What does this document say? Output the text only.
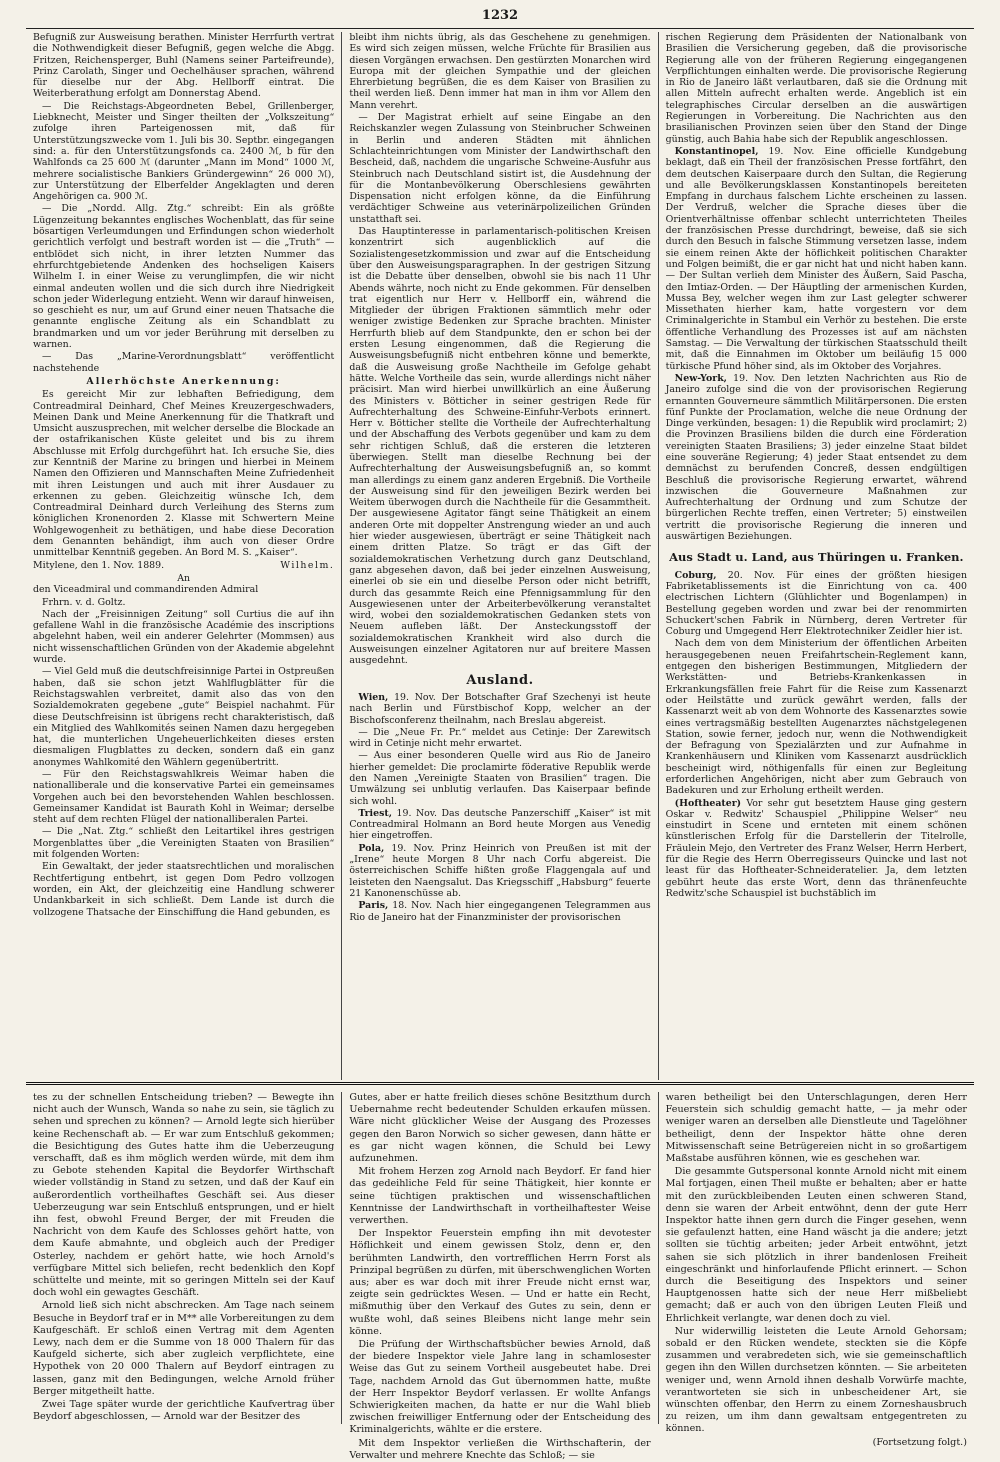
1232

Befugniß zur Ausweisung berathen. Minister Herrfurth vertrat die Nothwendigkeit dieser Befugniß, gegen welche die Abgg. Fritzen, Reichensperger, Buhl (Namens seiner Parteifreunde), Prinz Carolath, Singer und Oechelhäuser sprachen, während für dieselbe nur der Abg. Hellborff eintrat. Die Weiterberathung erfolgt am Donnerstag Abend.

— Die Reichstags-Abgeordneten Bebel, Grillenberger, Liebknecht, Meister und Singer theilten der „Volkszeitung“ zufolge ihren Parteigenossen mit, daß für Unterstützungszwecke vom 1. Juli bis 30. Septbr. eingegangen sind: a. für den Unterstützungsfonds ca. 2400 ℳ, b für den Wahlfonds ca 25 600 ℳ (darunter „Mann im Mond“ 1000 ℳ, mehrere socialistische Bankiers Gründergewinn“ 26 000 ℳ), zur Unterstützung der Elberfelder Angeklagten und deren Angehörigen ca. 900 ℳ.

— Die „Nordd. Allg. Ztg.“ schreibt: Ein als größte Lügenzeitung bekanntes englisches Wochenblatt, das für seine bösartigen Verleumdungen und Erfindungen schon wiederholt gerichtlich verfolgt und bestraft worden ist — die „Truth“ — entblödet sich nicht, in ihrer letzten Nummer das ehrfurchtgebietende Andenken des hochseligen Kaisers Wilhelm I. in einer Weise zu verunglimpfen, die wir nicht einmal andeuten wollen und die sich durch ihre Niedrigkeit schon jeder Widerlegung entzieht. Wenn wir darauf hinweisen, so geschieht es nur, um auf Grund einer neuen Thatsache die genannte englische Zeitung als ein Schandblatt zu brandmarken und um vor jeder Berührung mit derselben zu warnen.

— Das „Marine-Verordnungsblatt“ veröffentlicht nachstehende

Allerhöchste Anerkennung:

Es gereicht Mir zur lebhaften Befriedigung, dem Contreadmiral Deinhard, Chef Meines Kreuzergeschwaders, Meinen Dank und Meine Anerkennung für die Thatkraft und Umsicht auszusprechen, mit welcher derselbe die Blockade an der ostafrikanischen Küste geleitet und bis zu ihrem Abschlusse mit Erfolg durchgeführt hat. Ich ersuche Sie, dies zur Kenntniß der Marine zu bringen und hierbei in Meinem Namen den Offizieren und Mannschaften Meine Zufriedenheit mit ihren Leistungen und auch mit ihrer Ausdauer zu erkennen zu geben. Gleichzeitig wünsche Ich, dem Contreadmiral Deinhard durch Verleihung des Sterns zum königlichen Kronenorden 2. Klasse mit Schwertern Meine Wohlgewogenheit zu bethätigen, und habe diese Decoration dem Genannten behändigt, ihm auch von dieser Ordre unmittelbar Kenntniß gegeben. An Bord M. S. „Kaiser“.

Mitylene, den 1. Nov. 1889.	Wilhelm.
An

den Viceadmiral und commandirenden Admiral

Frhrn. v. d. Goltz.

Nach der „Freisinnigen Zeitung“ soll Curtius die auf ihn gefallene Wahl in die französische Académie des inscriptions abgelehnt haben, weil ein anderer Gelehrter (Mommsen) aus nicht wissenschaftlichen Gründen von der Akademie abgelehnt wurde.

— Viel Geld muß die deutschfreisinnige Partei in Ostpreußen haben, daß sie schon jetzt Wahlflugblätter für die Reichstagswahlen verbreitet, damit also das von den Sozialdemokraten gegebene „gute“ Beispiel nachahmt. Für diese Deutschfreisinn ist übrigens recht charakteristisch, daß ein Mitglied des Wahlkomités seinen Namen dazu hergegeben hat, die munterlichen Ungeheuerlichkeiten dieses ersten diesmaligen Flugblattes zu decken, sondern daß ein ganz anonymes Wahlkomité den Wählern gegenübertritt.

— Für den Reichstagswahlkreis Weimar haben die nationalliberale und die konservative Partei ein gemeinsames Vorgehen auch bei den bevorstehenden Wahlen beschlossen. Gemeinsamer Kandidat ist Baurath Kohl in Weimar; derselbe steht auf dem rechten Flügel der nationalliberalen Partei.

— Die „Nat. Ztg.“ schließt den Leitartikel ihres gestrigen Morgenblattes über „die Vereinigten Staaten von Brasilien“ mit folgenden Worten:

Ein Gewaltakt, der jeder staatsrechtlichen und moralischen Rechtfertigung entbehrt, ist gegen Dom Pedro vollzogen worden, ein Akt, der gleichzeitig eine Handlung schwerer Undankbarkeit in sich schließt. Dem Lande ist durch die vollzogene Thatsache der Einschiffung die Hand gebunden, es

bleibt ihm nichts übrig, als das Geschehene zu genehmigen. Es wird sich zeigen müssen, welche Früchte für Brasilien aus diesen Vorgängen erwachsen. Den gestürzten Monarchen wird Europa mit der gleichen Sympathie und der gleichen Ehrerbietung begrüßen, die es dem Kaiser von Brasilien zu theil werden ließ. Denn immer hat man in ihm vor Allem den Mann verehrt.

— Der Magistrat erhielt auf seine Eingabe an den Reichskanzler wegen Zulassung von Steinbrucher Schweinen in Berlin und anderen Städten mit ähnlichen Schlachteinrichtungen vom Minister der Landwirthschaft den Bescheid, daß, nachdem die ungarische Schweine-Ausfuhr aus Steinbruch nach Deutschland sistirt ist, die Ausdehnung der für die Montanbevölkerung Oberschlesiens gewährten Dispensation nicht erfolgen könne, da die Einführung verdächtiger Schweine aus veterinärpolizeilichen Gründen unstatthaft sei.

Das Hauptinteresse in parlamentarisch-politischen Kreisen konzentrirt sich augenblicklich auf die Sozialistengesetzkommission und zwar auf die Entscheidung über den Ausweisungsparagraphen. In der gestrigen Sitzung ist die Debatte über denselben, obwohl sie bis nach 11 Uhr Abends währte, noch nicht zu Ende gekommen. Für denselben trat eigentlich nur Herr v. Hellborff ein, während die Mitglieder der übrigen Fraktionen sämmtlich mehr oder weniger zwistige Bedenken zur Sprache brachten. Minister Herrfurth blieb auf dem Standpunkte, den er schon bei der ersten Lesung eingenommen, daß die Regierung die Ausweisungsbefugniß nicht entbehren könne und bemerkte, daß die Ausweisung große Nachtheile im Gefolge gehabt hätte. Welche Vortheile das sein, wurde allerdings nicht näher präcisirt. Man wird hierbei unwillkürlich an eine Äußerung des Ministers v. Bötticher in seiner gestrigen Rede für Aufrechterhaltung des Schweine-Einfuhr-Verbots erinnert. Herr v. Bötticher stellte die Vortheile der Aufrechterhaltung und der Abschaffung des Verbots gegenüber und kam zu dem sehr richtigen Schluß, daß die ersteren die letzteren überwiegen. Stellt man dieselbe Rechnung bei der Aufrechterhaltung der Ausweisungsbefugniß an, so kommt man allerdings zu einem ganz anderen Ergebniß. Die Vortheile der Ausweisung sind für den jeweiligen Bezirk werden bei Weitem überwogen durch die Nachtheile für die Gesammtheit. Der ausgewiesene Agitator fängt seine Thätigkeit an einem anderen Orte mit doppelter Anstrengung wieder an und auch hier wieder ausgewiesen, überträgt er seine Thätigkeit nach einem dritten Platze. So trägt er das Gift der sozialdemokratischen Verhetzung durch ganz Deutschland, ganz abgesehen davon, daß bei jeder einzelnen Ausweisung, einerlei ob sie ein und dieselbe Person oder nicht betrifft, durch das gesammte Reich eine Pfennigsammlung für den Ausgewiesenen unter der Arbeiterbevölkerung veranstaltet wird, wobei den sozialdemokratischen Gedanken stets von Neuem aufleben läßt. Der Ansteckungsstoff der sozialdemokratischen Krankheit wird also durch die Ausweisungen einzelner Agitatoren nur auf breitere Massen ausgedehnt.

Ausland.

Wien, 19. Nov. Der Botschafter Graf Szechenyi ist heute nach Berlin und Fürstbischof Kopp, welcher an der Bischofsconferenz theilnahm, nach Breslau abgereist.

— Die „Neue Fr. Pr.“ meldet aus Cetinje: Der Zarewitsch wird in Cetinje nicht mehr erwartet.

— Aus einer besonderen Quelle wird aus Rio de Janeiro hierher gemeldet: Die proclamirte föderative Republik werde den Namen „Vereinigte Staaten von Brasilien“ tragen. Die Umwälzung sei unblutig verlaufen. Das Kaiserpaar befinde sich wohl.

Triest, 19. Nov. Das deutsche Panzerschiff „Kaiser“ ist mit Contreadmiral Holmann an Bord heute Morgen aus Venedig hier eingetroffen.

Pola, 19. Nov. Prinz Heinrich von Preußen ist mit der „Irene“ heute Morgen 8 Uhr nach Corfu abgereist. Die österreichischen Schiffe hißten große Flaggengala auf und leisteten den Naengsalut. Das Kriegsschiff „Habsburg“ feuerte 21 Kanonenschüsse ab.

Paris, 18. Nov. Nach hier eingegangenen Telegrammen aus Rio de Janeiro hat der Finanzminister der provisorischen

rischen Regierung dem Präsidenten der Nationalbank von Brasilien die Versicherung gegeben, daß die provisorische Regierung alle von der früheren Regierung eingegangenen Verpflichtungen einhalten werde. Die provisorische Regierung in Rio de Janeiro läßt verlautbaren, daß sie die Ordnung mit allen Mitteln aufrecht erhalten werde. Angeblich ist ein telegraphisches Circular derselben an die auswärtigen Regierungen in Vorbereitung. Die Nachrichten aus den brasilianischen Provinzen seien über den Stand der Dinge günstig, auch Bahia habe sich der Republik angeschlossen.

Konstantinopel, 19. Nov. Eine officielle Kundgebung beklagt, daß ein Theil der französischen Presse fortfährt, den dem deutschen Kaiserpaare durch den Sultan, die Regierung und alle Bevölkerungsklassen Konstantinopels bereiteten Empfang in durchaus falschem Lichte erscheinen zu lassen. Der Verdruß, welcher die Sprache dieses über die Orientverhältnisse offenbar schlecht unterrichteten Theiles der französischen Presse durchdringt, beweise, daß sie sich durch den Besuch in falsche Stimmung versetzen lasse, indem sie einem reinen Akte der höflichkeit politischen Charakter und Folgen beimißt, die er gar nicht hat und nicht haben kann. — Der Sultan verlieh dem Minister des Äußern, Said Pascha, den Imtiaz-Orden. — Der Häuptling der armenischen Kurden, Mussa Bey, welcher wegen ihm zur Last gelegter schwerer Missethaten hierher kam, hatte vorgestern vor dem Criminalgerichte in Stambul ein Verhör zu bestehen. Die erste öffentliche Verhandlung des Prozesses ist auf am nächsten Samstag. — Die Verwaltung der türkischen Staatsschuld theilt mit, daß die Einnahmen im Oktober um beiläufig 15 000 türkische Pfund höher sind, als im Oktober des Vorjahres.

New-York, 19. Nov. Den letzten Nachrichten aus Rio de Janeiro zufolge sind die von der provisorischen Regierung ernannten Gouverneure sämmtlich Militärpersonen. Die ersten fünf Punkte der Proclamation, welche die neue Ordnung der Dinge verkünden, besagen: 1) die Republik wird proclamirt; 2) die Provinzen Brasiliens bilden die durch eine Förderation vereinigten Staaten Brasiliens; 3) jeder einzelne Staat bildet eine souveräne Regierung; 4) jeder Staat entsendet zu dem demnächst zu berufenden Concreß, dessen endgültigen Beschluß die provisorische Regierung erwartet, während inzwischen die Gouverneure Maßnahmen zur Aufrechterhaltung der Ordnung und zum Schutze der bürgerlichen Rechte treffen, einen Vertreter; 5) einstweilen vertritt die provisorische Regierung die inneren und auswärtigen Beziehungen.

Aus Stadt u. Land, aus Thüringen u. Franken.

Coburg, 20. Nov. Für eines der größten hiesigen Fabriketablissements ist die Einrichtung von ca. 400 electrischen Lichtern (Glühlichter und Bogenlampen) in Bestellung gegeben worden und zwar bei der renommirten Schuckert'schen Fabrik in Nürnberg, deren Vertreter für Coburg und Umgegend Herr Elektrotechniker Zeidler hier ist.

Nach dem von dem Ministerium der öffentlichen Arbeiten herausgegebenen neuen Freifahrtschein-Reglement kann, entgegen den bisherigen Bestimmungen, Mitgliedern der Werkstätten- und Betriebs-Krankenkassen in Erkrankungsfällen freie Fahrt für die Reise zum Kassenarzt oder Heilstätte und zurück gewährt werden, falls der Kassenarzt weit ab von dem Wohnorte des Kassenarztes sowie eines vertragsmäßig bestellten Augenarztes nächstgelegenen Station, sowie ferner, jedoch nur, wenn die Nothwendigkeit der Befragung von Spezialärzten und zur Aufnahme in Krankenhäusern und Kliniken vom Kassenarzt ausdrücklich bescheinigt wird, nöthigenfalls für einen zur Begleitung erforderlichen Angehörigen, nicht aber zum Gebrauch von Badekuren und zur Erholung ertheilt werden.

(Hoftheater) Vor sehr gut besetztem Hause ging gestern Oskar v. Redwitz' Schauspiel „Philippine Welser“ neu einstudirt in Scene und ernteten mit einem schönen künstlerischen Erfolg für die Darstellerin der Titelrolle, Fräulein Mejo, den Vertreter des Franz Welser, Herrn Herbert, für die Regie des Herrn Oberregisseurs Quincke und last not least für das Hoftheater-Schneideratelier. Ja, dem letzten gebührt heute das erste Wort, denn das thränenfeuchte Redwitz'sche Schauspiel ist buchstäblich im

tes zu der schnellen Entscheidung trieben? — Bewegte ihn nicht auch der Wunsch, Wanda so nahe zu sein, sie täglich zu sehen und sprechen zu können? — Arnold legte sich hierüber keine Rechenschaft ab. — Er war zum Entschluß gekommen; die Besichtigung des Gutes hatte ihm die Ueberzeugung verschafft, daß es ihm möglich werden würde, mit dem ihm zu Gebote stehenden Kapital die Beydorfer Wirthschaft wieder vollständig in Stand zu setzen, und daß der Kauf ein außerordentlich vortheilhaftes Geschäft sei. Aus dieser Ueberzeugung war sein Entschluß entsprungen, und er hielt ihn fest, obwohl Freund Berger, der mit Freuden die Nachricht von dem Kaufe des Schlosses gehört hatte, von dem Kaufe abmahnte, und obgleich auch der Prediger Osterley, nachdem er gehört hatte, wie hoch Arnold's verfügbare Mittel sich beliefen, recht bedenklich den Kopf schüttelte und meinte, mit so geringen Mitteln sei der Kauf doch wohl ein gewagtes Geschäft.

Arnold ließ sich nicht abschrecken. Am Tage nach seinem Besuche in Beydorf traf er in M** alle Vorbereitungen zu dem Kaufgeschäft. Er schloß einen Vertrag mit dem Agenten Lewy, nach dem er die Summe von 18 000 Thalern für das Kaufgeld sicherte, sich aber zugleich verpflichtete, eine Hypothek von 20 000 Thalern auf Beydorf eintragen zu lassen, ganz mit den Bedingungen, welche Arnold früher Berger mitgetheilt hatte.

Zwei Tage später wurde der gerichtliche Kaufvertrag über Beydorf abgeschlossen, — Arnold war der Besitzer des

Gutes, aber er hatte freilich dieses schöne Besitzthum durch Uebernahme recht bedeutender Schulden erkaufen müssen. Wäre nicht glücklicher Weise der Ausgang des Prozesses gegen den Baron Norwich so sicher gewesen, dann hätte er es gar nicht wagen können, die Schuld bei Lewy aufzunehmen.

Mit frohem Herzen zog Arnold nach Beydorf. Er fand hier das gedeihliche Feld für seine Thätigkeit, hier konnte er seine tüchtigen praktischen und wissenschaftlichen Kenntnisse der Landwirthschaft in vortheilhaftester Weise verwerthen.

Der Inspektor Feuerstein empfing ihn mit devotester Höflichkeit und einem gewissen Stolz, denn er, den berühmten Landwirth, den vortrefflichen Herrn Forst als Prinzipal begrüßen zu dürfen, mit überschwenglichen Worten aus; aber es war doch mit ihrer Freude nicht ernst war, zeigte sein gedrücktes Wesen. — Und er hatte ein Recht, mißmuthig über den Verkauf des Gutes zu sein, denn er wußte wohl, daß seines Bleibens nicht lange mehr sein könne.

Die Prüfung der Wirthschaftsbücher bewies Arnold, daß der biedere Inspektor viele Jahre lang in schamlosester Weise das Gut zu seinem Vortheil ausgebeutet habe. Drei Tage, nachdem Arnold das Gut übernommen hatte, mußte der Herr Inspektor Beydorf verlassen. Er wollte Anfangs Schwierigkeiten machen, da hatte er nur die Wahl blieb zwischen freiwilliger Entfernung oder der Entscheidung des Kriminalgerichts, wählte er die erstere.

Mit dem Inspektor verließen die Wirthschafterin, der Verwalter und mehrere Knechte das Schloß; — sie

waren betheiligt bei den Unterschlagungen, deren Herr Feuerstein sich schuldig gemacht hatte, — ja mehr oder weniger waren an derselben alle Dienstleute und Tagelöhner betheiligt, denn der Inspektor hätte ohne deren Mitwissenschaft seine Betrügereien nicht in so großartigem Maßstabe ausführen können, wie es geschehen war.

Die gesammte Gutspersonal konnte Arnold nicht mit einem Mal fortjagen, einen Theil mußte er behalten; aber er hatte mit den zurückbleibenden Leuten einen schweren Stand, denn sie waren der Arbeit entwöhnt, denn der gute Herr Inspektor hatte ihnen gern durch die Finger gesehen, wenn sie gefaulenzt hatten, eine Hand wäscht ja die andere; jetzt sollten sie tüchtig arbeiten; jeder Arbeit entwöhnt, jetzt sahen sie sich plötzlich in ihrer bandenlosen Freiheit eingeschränkt und hinforlaufende Pflicht erinnert. — Schon durch die Beseitigung des Inspektors und seiner Hauptgenossen hatte sich der neue Herr mißbeliebt gemacht; daß er auch von den übrigen Leuten Fleiß und Ehrlichkeit verlangte, war denen doch zu viel.

Nur widerwillig leisteten die Leute Arnold Gehorsam; sobald er den Rücken wendete, steckten sie die Köpfe zusammen und verabredeten sich, wie sie gemeinschaftlich gegen ihn den Willen durchsetzen könnten. — Sie arbeiteten weniger und, wenn Arnold ihnen deshalb Vorwürfe machte, verantworteten sie sich in unbescheidener Art, sie wünschten offenbar, den Herrn zu einem Zorneshausbruch zu reizen, um ihm dann gewaltsam entgegentreten zu können.

(Fortsetzung folgt.)
